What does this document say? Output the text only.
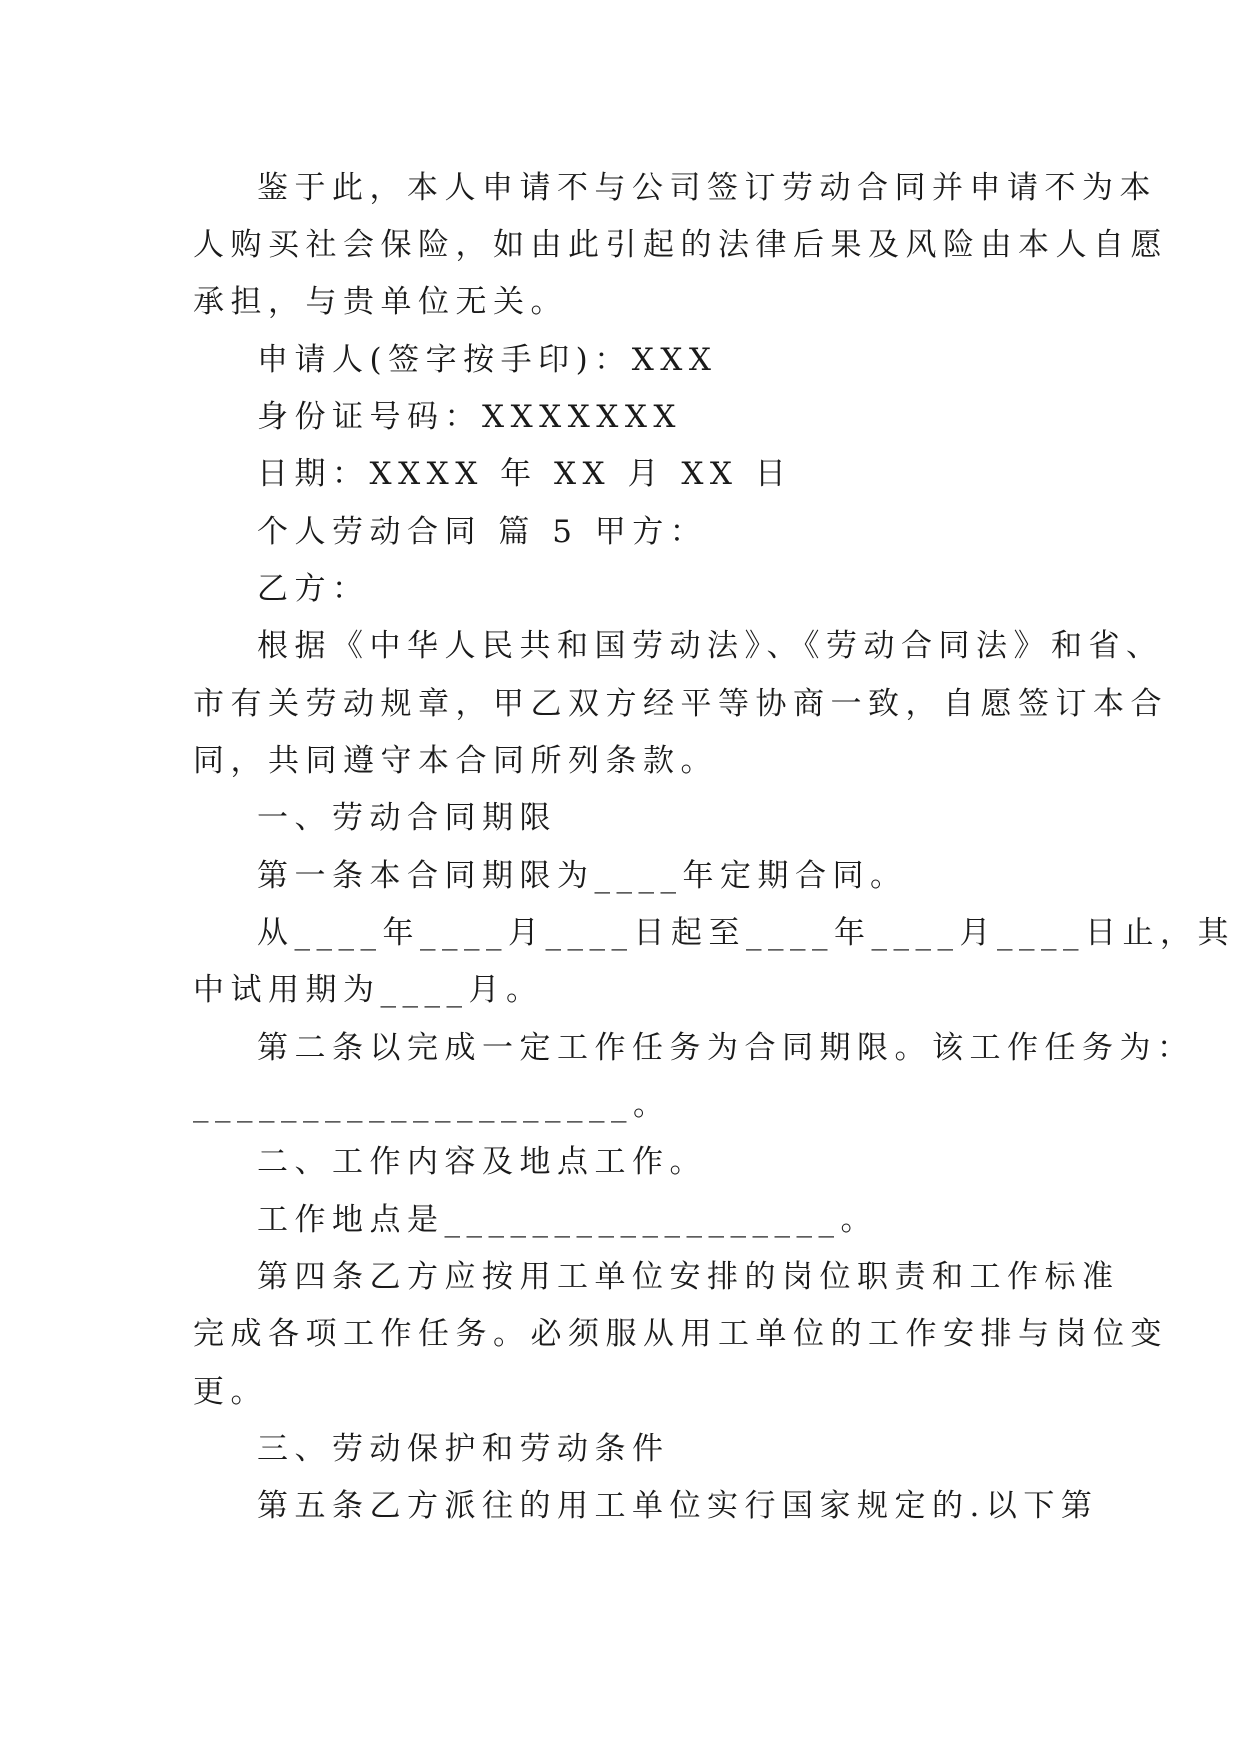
鉴于此，本人申请不与公司签订劳动合同并申请不为本
人购买社会保险，如由此引起的法律后果及风险由本人自愿
承担，与贵单位无关。
申请人(签字按手印)：XXX
身份证号码：XXXXXXX
日期：XXXX 年 XX 月 XX 日
个人劳动合同 篇 5 甲方：
乙方：
根据《中华人民共和国劳动法》、《劳动合同法》和省、
市有关劳动规章，甲乙双方经平等协商一致，自愿签订本合
同，共同遵守本合同所列条款。
一、劳动合同期限
第一条本合同期限为____年定期合同。
从____年____月____日起至____年____月____日止，其
中试用期为____月。
第二条以完成一定工作任务为合同期限。该工作任务为：
____________________。
二、工作内容及地点工作。
工作地点是__________________。
第四条乙方应按用工单位安排的岗位职责和工作标准
完成各项工作任务。必须服从用工单位的工作安排与岗位变
更。
三、劳动保护和劳动条件
第五条乙方派往的用工单位实行国家规定的.以下第
